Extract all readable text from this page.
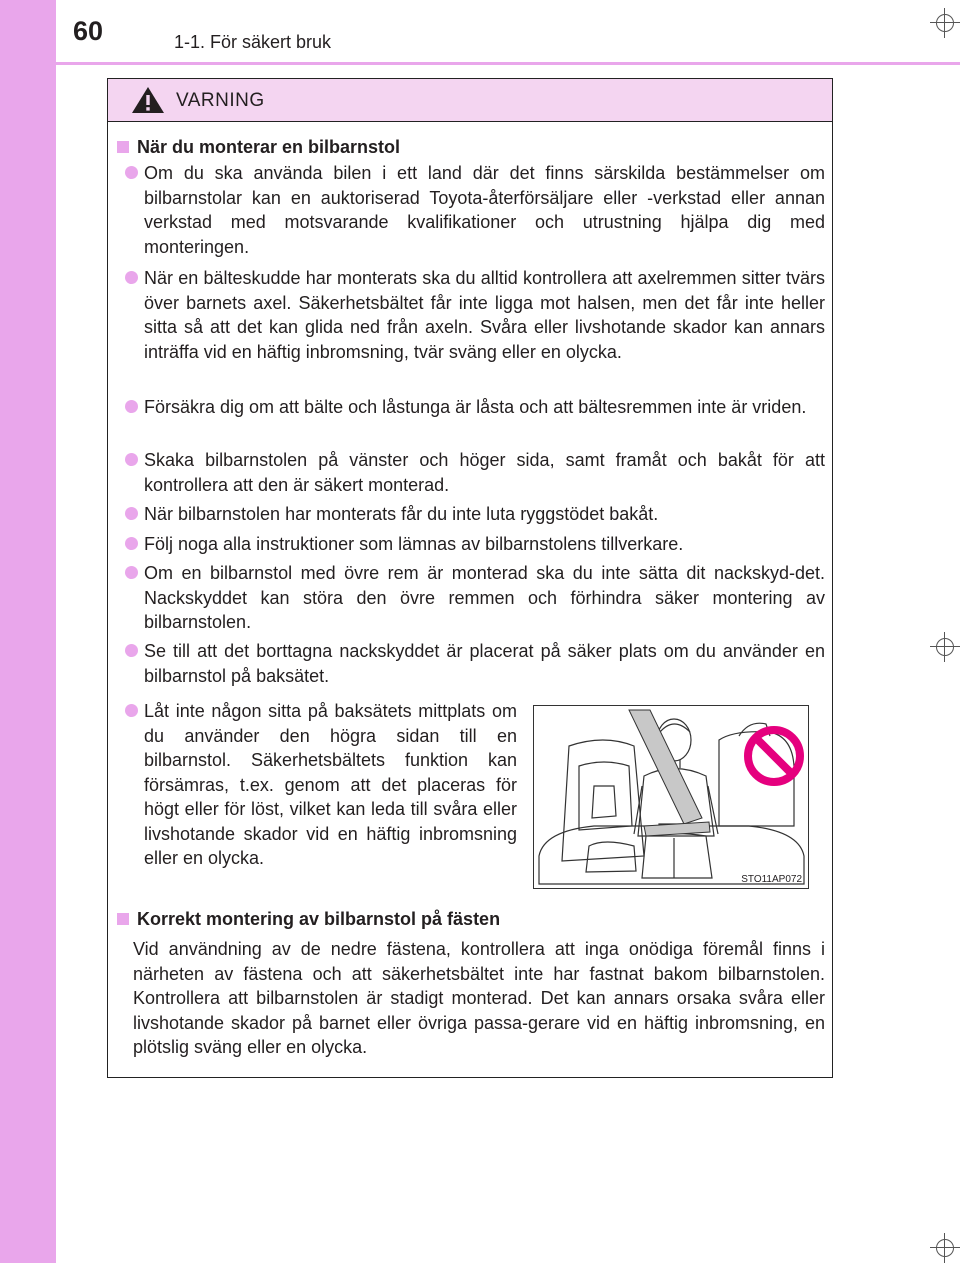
60	1-1. För säkert bruk
VARNING
När du monterar en bilbarnstol
Om du ska använda bilen i ett land där det finns särskilda bestämmelser om bilbarnstolar kan en auktoriserad Toyota-återförsäljare eller -verkstad eller annan verkstad med motsvarande kvalifikationer och utrustning hjälpa dig med monteringen.
När en bälteskudde har monterats ska du alltid kontrollera att axelremmen sitter tvärs över barnets axel. Säkerhetsbältet får inte ligga mot halsen, men det får inte heller sitta så att det kan glida ned från axeln. Svåra eller livshotande skador kan annars inträffa vid en häftig inbromsning, tvär sväng eller en olycka.
Försäkra dig om att bälte och låstunga är låsta och att bältesremmen inte är vriden.
Skaka bilbarnstolen på vänster och höger sida, samt framåt och bakåt för att kontrollera att den är säkert monterad.
När bilbarnstolen har monterats får du inte luta ryggstödet bakåt.
Följ noga alla instruktioner som lämnas av bilbarnstolens tillverkare.
Om en bilbarnstol med övre rem är monterad ska du inte sätta dit nackskyd-det. Nackskyddet kan störa den övre remmen och förhindra säker montering av bilbarnstolen.
Se till att det borttagna nackskyddet är placerat på säker plats om du använder en bilbarnstol på baksätet.
Låt inte någon sitta på baksätets mittplats om du använder den högra sidan till en bilbarnstol. Säkerhetsbältets funktion kan försämras, t.ex. genom att det placeras för högt eller för löst, vilket kan leda till svåra eller livshotande skador vid en häftig inbromsning eller en olycka.
STO11AP072
Korrekt montering av bilbarnstol på fästen
Vid användning av de nedre fästena, kontrollera att inga onödiga föremål finns i närheten av fästena och att säkerhetsbältet inte har fastnat bakom bilbarnstolen. Kontrollera att bilbarnstolen är stadigt monterad. Det kan annars orsaka svåra eller livshotande skador på barnet eller övriga passa-gerare vid en häftig inbromsning, en plötslig sväng eller en olycka.
